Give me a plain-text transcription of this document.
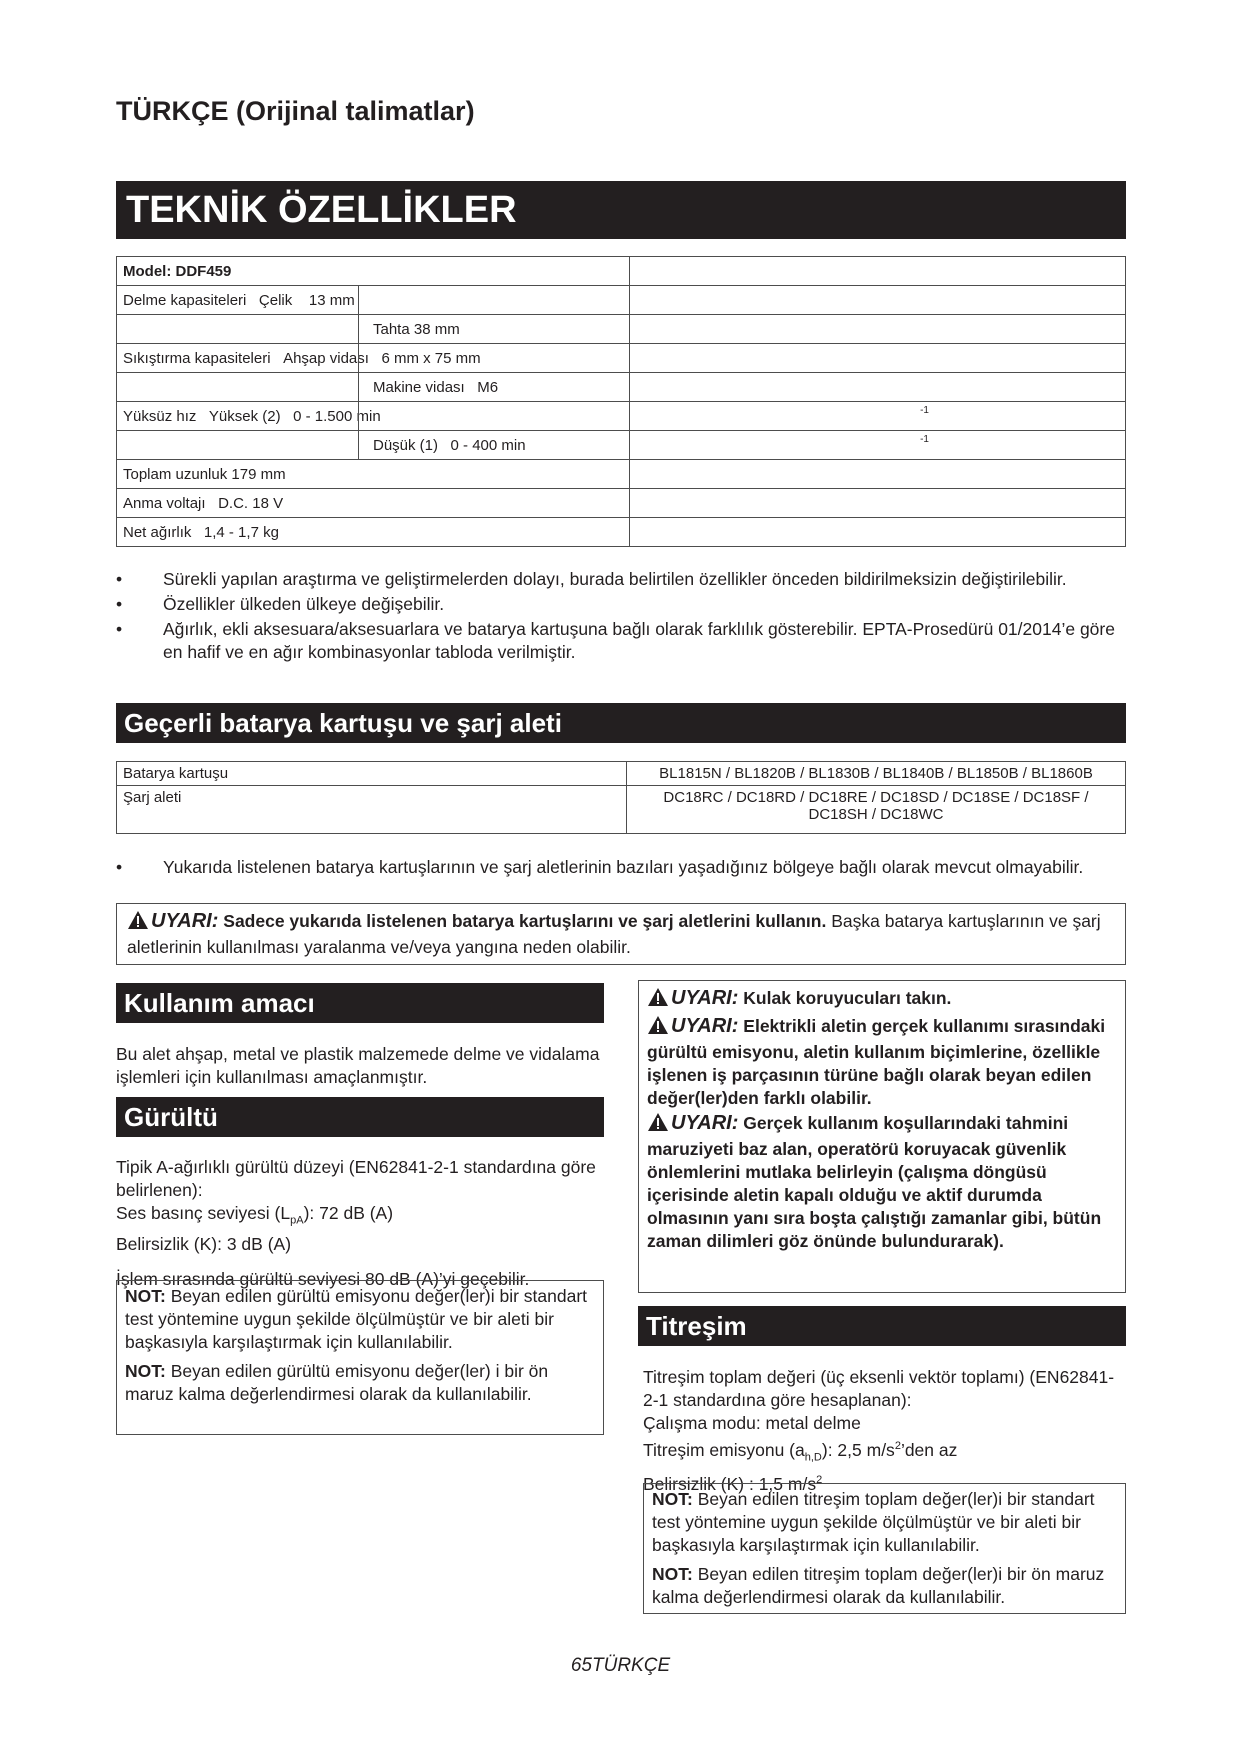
TÜRKÇE (Orijinal talimatlar)
TEKNİK ÖZELLİKLER
Model: DDF459	
Delme kapasiteleri Çelik 13 mm

Tahta 38 mm	
Sıkıştırma kapasiteleri Ahşap vidası 6 mm x 75 mm

Makine vidası M6	
Yüksüz hız Yüksek (2) 0 - 1.500 min	-1

Düşük (1) 0 - 400 min	-1

Toplam uzunluk 179 mm	
Anma voltajı D.C. 18 V	
Net ağırlık 1,4 - 1,7 kg	
• Sürekli yapılan araştırma ve geliştirmelerden dolayı, burada belirtilen özellikler önceden bildirilmeksizin değiştirilebilir.
• Özellikler ülkeden ülkeye değişebilir.
• Ağırlık, ekli aksesuara/aksesuarlara ve batarya kartuşuna bağlı olarak farklılık gösterebilir. EPTA-Prosedürü 01/2014’e göre en hafif ve en ağır kombinasyonlar tabloda verilmiştir.
Geçerli batarya kartuşu ve şarj aleti
Batarya kartuşu	BL1815N / BL1820B / BL1830B / BL1840B / BL1850B / BL1860B
Şarj aleti	DC18RC / DC18RD / DC18RE / DC18SD / DC18SE / DC18SF / DC18SH / DC18WC
• Yukarıda listelenen batarya kartuşlarının ve şarj aletlerinin bazıları yaşadığınız bölgeye bağlı olarak mevcut olmayabilir.
UYARI: Sadece yukarıda listelenen batarya kartuşlarını ve şarj aletlerini kullanın. Başka batarya kartuşlarının ve şarj aletlerinin kullanılması yaralanma ve/veya yangına neden olabilir.
Kullanım amacı
Bu alet ahşap, metal ve plastik malzemede delme ve vidalama işlemleri için kullanılması amaçlanmıştır.
Gürültü
Tipik A-ağırlıklı gürültü düzeyi (EN62841-2-1 standardına göre belirlenen):
Ses basınç seviyesi $(L_{pA})$: 72 dB (A)
Belirsizlik (K): 3 dB (A)
İşlem sırasında gürültü seviyesi 80 dB (A)’yi geçebilir.

NOT: Beyan edilen gürültü emisyonu değer(ler)i bir standart test yöntemine uygun şekilde ölçülmüştür ve bir aleti bir başkasıyla karşılaştırmak için kullanılabilir.

NOT: Beyan edilen gürültü emisyonu değer(ler) i bir ön maruz kalma değerlendirmesi olarak da kullanılabilir.

UYARI: Kulak koruyucuları takın.
UYARI: Elektrikli aletin gerçek kullanımı sırasındaki gürültü emisyonu, aletin kullanım biçimlerine, özellikle işlenen iş parçasının türüne bağlı olarak beyan edilen değer(ler)den farklı olabilir.
UYARI: Gerçek kullanım koşullarındaki tahmini maruziyeti baz alan, operatörü koruyacak güvenlik önlemlerini mutlaka belirleyin (çalışma döngüsü içerisinde aletin kapalı olduğu ve aktif durumda olmasının yanı sıra boşta çalıştığı zamanlar gibi, bütün zaman dilimleri göz önünde bulundurarak).
Titreşim
Titreşim toplam değeri (üç eksenli vektör toplamı) (EN62841-2-1 standardına göre hesaplanan):
Çalışma modu: metal delme
Titreşim emisyonu $(a_{h,D})$: 2,5 $m/s^2’den$ az
Belirsizlik (K) : 1,5 $m/s^2$

NOT: Beyan edilen titreşim toplam değer(ler)i bir standart test yöntemine uygun şekilde ölçülmüştür ve bir aleti bir başkasıyla karşılaştırmak için kullanılabilir.

NOT: Beyan edilen titreşim toplam değer(ler)i bir ön maruz kalma değerlendirmesi olarak da kullanılabilir.

65TÜRKÇE
